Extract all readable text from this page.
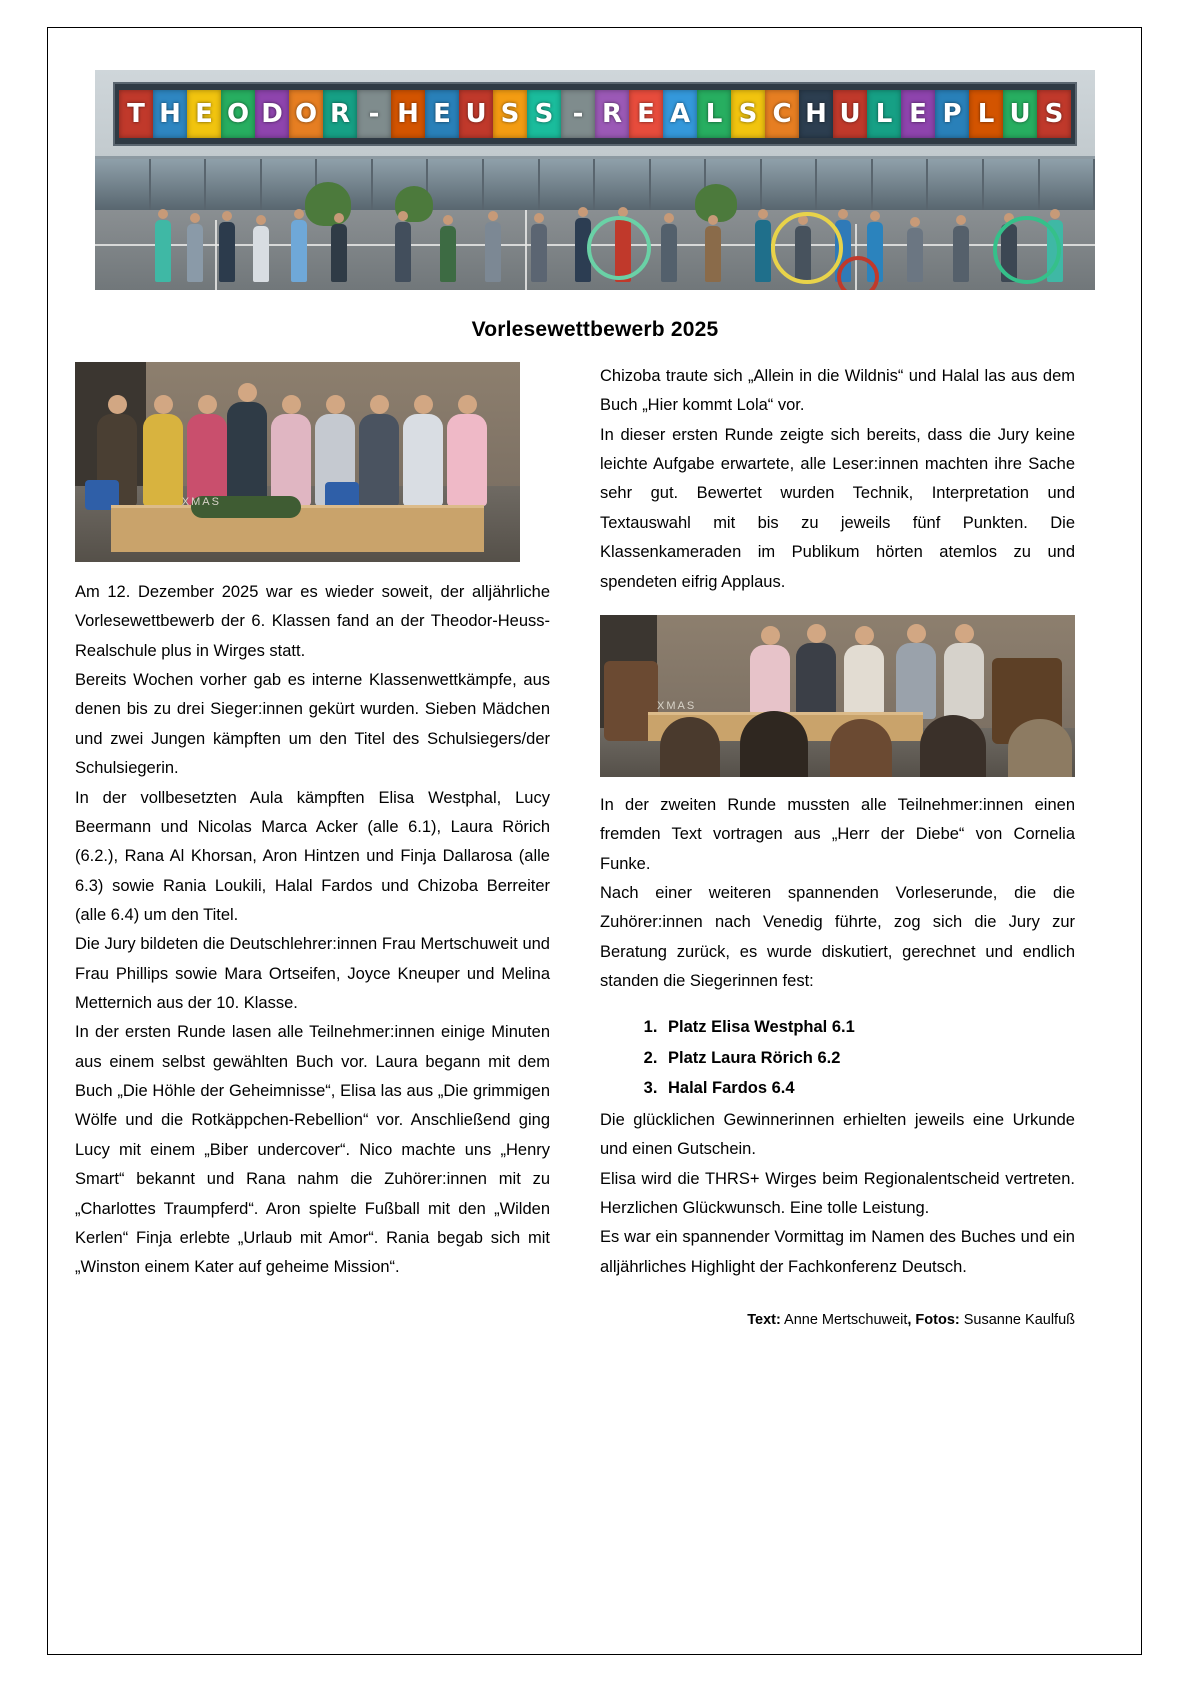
T H E O D O R - H E U S S - R E A L S C H U L E P L U S
Vorlesewettbewerb 2025
XMAS

Am 12. Dezember 2025 war es wieder soweit, der alljährliche Vorlesewettbewerb der 6. Klassen fand an der Theodor-Heuss-Realschule plus in Wirges statt.

Bereits Wochen vorher gab es interne Klassenwettkämpfe, aus denen bis zu drei Sieger:innen gekürt wurden. Sieben Mädchen und zwei Jungen kämpften um den Titel des Schulsiegers/der Schulsiegerin.

In der vollbesetzten Aula kämpften Elisa Westphal, Lucy Beermann und Nicolas Marca Acker (alle 6.1), Laura Rörich (6.2.), Rana Al Khorsan, Aron Hintzen und Finja Dallarosa (alle 6.3) sowie Rania Loukili, Halal Fardos und Chizoba Berreiter (alle 6.4) um den Titel.

Die Jury bildeten die Deutschlehrer:innen Frau Mertschuweit und Frau Phillips sowie Mara Ortseifen, Joyce Kneuper und Melina Metternich aus der 10. Klasse.

In der ersten Runde lasen alle Teilnehmer:innen einige Minuten aus einem selbst gewählten Buch vor. Laura begann mit dem Buch „Die Höhle der Geheimnisse“, Elisa las aus „Die grimmigen Wölfe und die Rotkäppchen-Rebellion“ vor. Anschließend ging Lucy mit einem „Biber undercover“. Nico machte uns „Henry Smart“ bekannt und Rana nahm die Zuhörer:innen mit zu „Charlottes Traumpferd“. Aron spielte Fußball mit den „Wilden Kerlen“ Finja erlebte „Urlaub mit Amor“. Rania begab sich mit „Winston einem Kater auf geheime Mission“.

Chizoba traute sich „Allein in die Wildnis“ und Halal las aus dem Buch „Hier kommt Lola“ vor.

In dieser ersten Runde zeigte sich bereits, dass die Jury keine leichte Aufgabe erwartete, alle Leser:innen machten ihre Sache sehr gut. Bewertet wurden Technik, Interpretation und Textauswahl mit bis zu jeweils fünf Punkten. Die Klassenkameraden im Publikum hörten atemlos zu und spendeten eifrig Applaus.

XMAS

In der zweiten Runde mussten alle Teilnehmer:innen einen fremden Text vortragen aus „Herr der Diebe“ von Cornelia Funke.

Nach einer weiteren spannenden Vorleserunde, die die Zuhörer:innen nach Venedig führte, zog sich die Jury zur Beratung zurück, es wurde diskutiert, gerechnet und endlich standen die Siegerinnen fest:

1. Platz Elisa Westphal 6.1
2. Platz Laura Rörich 6.2
3. Halal Fardos 6.4

Die glücklichen Gewinnerinnen erhielten jeweils eine Urkunde und einen Gutschein.

Elisa wird die THRS+ Wirges beim Regionalentscheid vertreten. Herzlichen Glückwunsch. Eine tolle Leistung.

Es war ein spannender Vormittag im Namen des Buches und ein alljährliches Highlight der Fachkonferenz Deutsch.

Text: Anne Mertschuweit, Fotos: Susanne Kaulfuß
